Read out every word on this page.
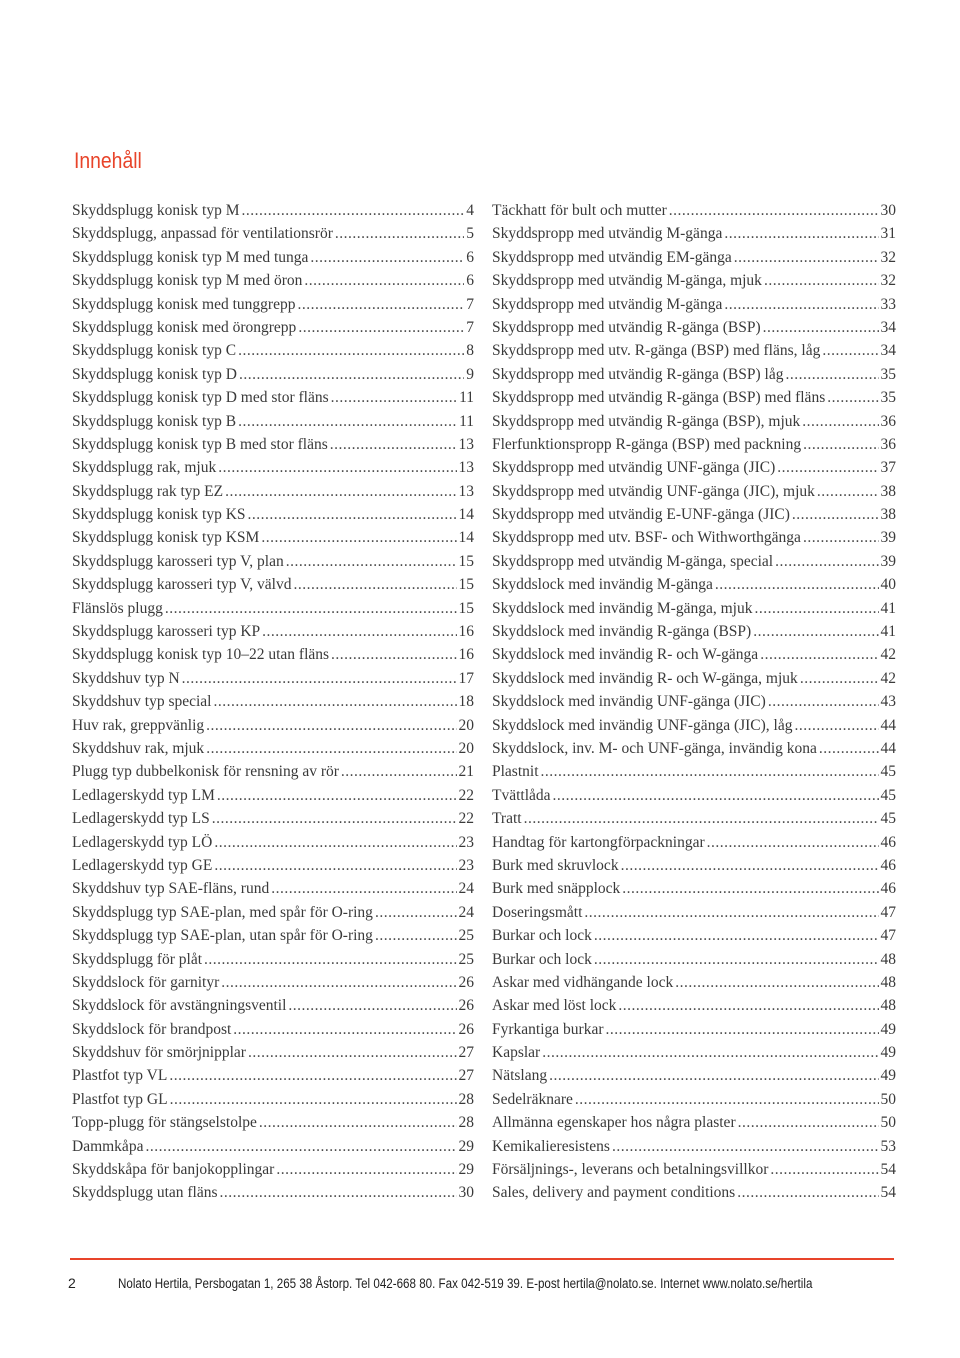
Innehåll
Skyddsplugg konisk typ M .....	4
Skyddsplugg, anpassad för ventilationsrör .....	5
Skyddsplugg konisk typ M med tunga .....	6
Skyddsplugg konisk typ M med öron .....	6
Skyddsplugg konisk med tunggrepp .....	7
Skyddsplugg konisk med örongrepp .....	7
Skyddsplugg konisk typ C .....	8
Skyddsplugg konisk typ D .....	9
Skyddsplugg konisk typ D med stor fläns .....	11
Skyddsplugg konisk typ B .....	11
Skyddsplugg konisk typ B med stor fläns .....	13
Skyddsplugg rak, mjuk .....	13
Skyddsplugg rak typ EZ .....	13
Skyddsplugg konisk typ KS .....	14
Skyddsplugg konisk typ KSM .....	14
Skyddsplugg karosseri typ V, plan .....	15
Skyddsplugg karosseri typ V, välvd .....	15
Flänslös plugg .....	15
Skyddsplugg karosseri typ KP .....	16
Skyddsplugg konisk typ 10–22 utan fläns .....	16
Skyddshuv typ N .....	17
Skyddshuv typ special .....	18
Huv rak, greppvänlig .....	20
Skyddshuv rak, mjuk .....	20
Plugg typ dubbelkonisk för rensning av rör .....	21
Ledlagerskydd typ LM .....	22
Ledlagerskydd typ LS .....	22
Ledlagerskydd typ LÖ .....	23
Ledlagerskydd typ GE .....	23
Skyddshuv typ SAE-fläns, rund .....	24
Skyddsplugg typ SAE-plan, med spår för O-ring .....	24
Skyddsplugg typ SAE-plan, utan spår för O-ring .....	25
Skyddsplugg för plåt .....	25
Skyddslock för garnityr .....	26
Skyddslock för avstängningsventil .....	26
Skyddslock för brandpost .....	26
Skyddshuv för smörjnipplar .....	27
Plastfot typ VL .....	27
Plastfot typ GL .....	28
Topp-plugg för stängselstolpe .....	28
Dammkåpa .....	29
Skyddskåpa för banjokopplingar .....	29
Skyddsplugg utan fläns .....	30
Täckhatt för bult och mutter .....	30
Skyddspropp med utvändig M-gänga .....	31
Skyddspropp med utvändig EM-gänga .....	32
Skyddspropp med utvändig M-gänga, mjuk .....	32
Skyddspropp med utvändig M-gänga .....	33
Skyddspropp med utvändig R-gänga (BSP) .....	34
Skyddspropp med utv. R-gänga (BSP) med fläns, låg .....	34
Skyddspropp med utvändig R-gänga (BSP) låg .....	35
Skyddspropp med utvändig R-gänga (BSP) med fläns .....	35
Skyddspropp med utvändig R-gänga (BSP), mjuk .....	36
Flerfunktionspropp R-gänga (BSP) med packning .....	36
Skyddspropp med utvändig UNF-gänga (JIC) .....	37
Skyddspropp med utvändig UNF-gänga (JIC), mjuk .....	38
Skyddspropp med utvändig E-UNF-gänga (JIC) .....	38
Skyddspropp med utv. BSF- och Withworthgänga .....	39
Skyddspropp med utvändig M-gänga, special .....	39
Skyddslock med invändig M-gänga .....	40
Skyddslock med invändig M-gänga, mjuk .....	41
Skyddslock med invändig R-gänga (BSP) .....	41
Skyddslock med invändig R- och W-gänga .....	42
Skyddslock med invändig R- och W-gänga, mjuk .....	42
Skyddslock med invändig UNF-gänga (JIC) .....	43
Skyddslock med invändig UNF-gänga (JIC), låg .....	44
Skyddslock, inv. M- och UNF-gänga, invändig kona .....	44
Plastnit .....	45
Tvättlåda .....	45
Tratt .....	45
Handtag för kartongförpackningar .....	46
Burk med skruvlock .....	46
Burk med snäpplock .....	46
Doseringsmått .....	47
Burkar och lock .....	47
Burkar och lock .....	48
Askar med vidhängande lock .....	48
Askar med löst lock .....	48
Fyrkantiga burkar .....	49
Kapslar .....	49
Nätslang .....	49
Sedelräknare .....	50
Allmänna egenskaper hos några plaster .....	50
Kemikalieresistens .....	53
Försäljnings-, leverans och betalningsvillkor .....	54
Sales, delivery and payment conditions .....	54
2	Nolato Hertila, Persbogatan 1, 265 38 Åstorp. Tel 042-668 80. Fax 042-519 39. E-post hertila@nolato.se. Internet www.nolato.se/hertila
